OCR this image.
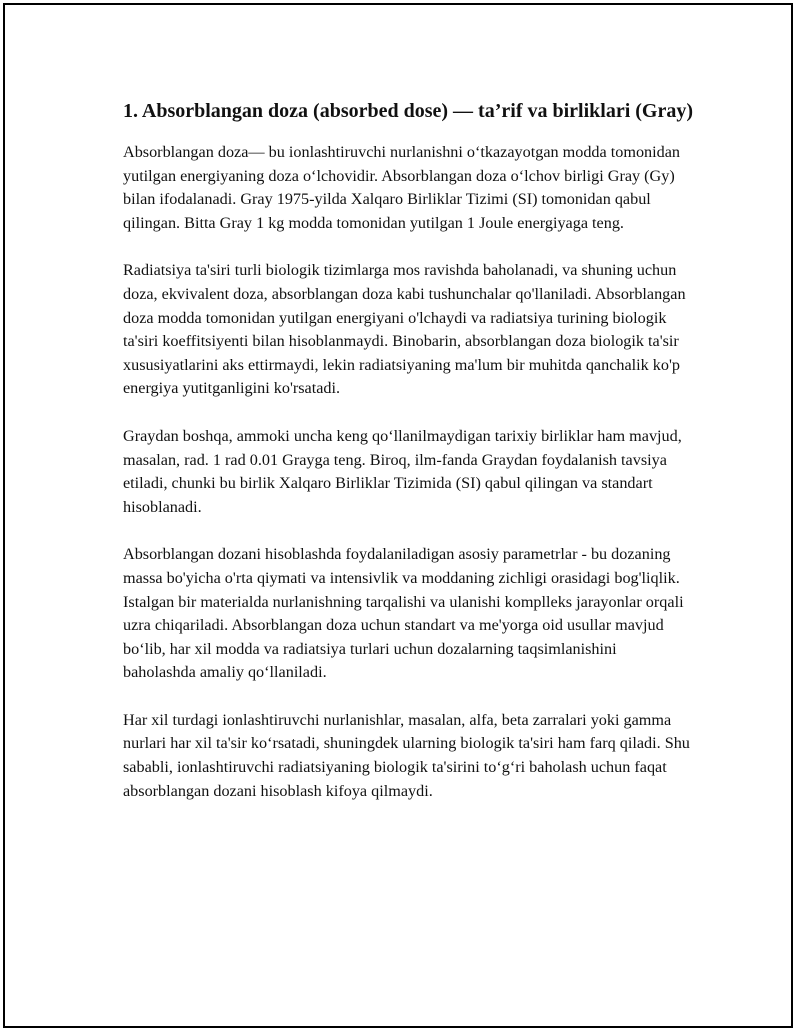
1. Absorblangan doza (absorbed dose) — ta’rif va birliklari (Gray)

Absorblangan doza— bu ionlashtiruvchi nurlanishni o‘tkazayotgan modda tomonidan yutilgan energiyaning doza o‘lchovidir. Absorblangan doza o‘lchov birligi Gray (Gy) bilan ifodalanadi. Gray 1975-yilda Xalqaro Birliklar Tizimi (SI) tomonidan qabul qilingan. Bitta Gray 1 kg modda tomonidan yutilgan 1 Joule energiyaga teng.

Radiatsiya ta'siri turli biologik tizimlarga mos ravishda baholanadi, va shuning uchun doza, ekvivalent doza, absorblangan doza kabi tushunchalar qo'llaniladi. Absorblangan doza modda tomonidan yutilgan energiyani o'lchaydi va radiatsiya turining biologik ta'siri koeffitsiyenti bilan hisoblanmaydi. Binobarin, absorblangan doza biologik ta'sir xususiyatlarini aks ettirmaydi, lekin radiatsiyaning ma'lum bir muhitda qanchalik ko'p energiya yutitganligini ko'rsatadi.

Graydan boshqa, ammoki uncha keng qo‘llanilmaydigan tarixiy birliklar ham mavjud, masalan, rad. 1 rad 0.01 Grayga teng. Biroq, ilm-fanda Graydan foydalanish tavsiya etiladi, chunki bu birlik Xalqaro Birliklar Tizimida (SI) qabul qilingan va standart hisoblanadi.

Absorblangan dozani hisoblashda foydalaniladigan asosiy parametrlar - bu dozaning massa bo'yicha o'rta qiymati va intensivlik va moddaning zichligi orasidagi bog'liqlik. Istalgan bir materialda nurlanishning tarqalishi va ulanishi komplleks jarayonlar orqali uzra chiqariladi. Absorblangan doza uchun standart va me'yorga oid usullar mavjud bo‘lib, har xil modda va radiatsiya turlari uchun dozalarning taqsimlanishini baholashda amaliy qo‘llaniladi.

Har xil turdagi ionlashtiruvchi nurlanishlar, masalan, alfa, beta zarralari yoki gamma nurlari har xil ta'sir ko‘rsatadi, shuningdek ularning biologik ta'siri ham farq qiladi. Shu sababli, ionlashtiruvchi radiatsiyaning biologik ta'sirini to‘g‘ri baholash uchun faqat absorblangan dozani hisoblash kifoya qilmaydi.
